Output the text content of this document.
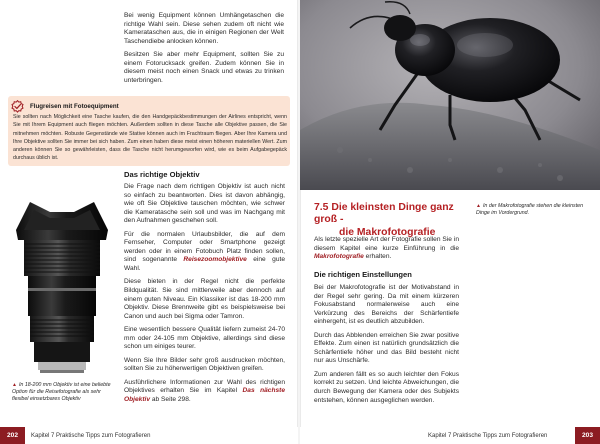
Bei wenig Equipment können Umhängetaschen die richtige Wahl sein. Diese sehen zudem oft nicht wie Kamerataschen aus, die in einigen Regionen der Welt Taschendiebe anlocken können.

Besitzen Sie aber mehr Equipment, sollten Sie zu einem Fotorucksack greifen. Zudem können Sie in diesem meist noch einen Snack und etwas zu trinken unterbringen.

Flugreisen mit Fotoequipment
Sie sollten nach Möglichkeit eine Tasche kaufen, die den Handgepäckbestimmungen der Airlines entspricht, wenn Sie mit Ihrem Equipment auch fliegen möchten. Außerdem sollten in diese Tasche alle Objektive passen, die Sie mitnehmen möchten. Robuste Gegenstände wie Stative können auch im Frachtraum fliegen. Aber Ihre Kamera und Ihre Objektive sollten Sie immer bei sich haben. Zum einen haben diese meist einen höheren materiellen Wert. Zum anderen können Sie so gewährleisten, dass die Tasche nicht herumgeworfen wird, wie es beim Aufgabegepäck durchaus üblich ist.
▲ In 18-200 mm Objektiv ist eine beliebte Option für die Reisefotografie als sehr flexibel einsetzbares Objektiv
Das richtige Objektiv

Die Frage nach dem richtigen Objektiv ist auch nicht so einfach zu beantworten. Dies ist davon abhängig, wie oft Sie Objektive tauschen möchten, wie schwer die Kameratasche sein soll und was im Nachgang mit den Aufnahmen geschehen soll.

Für die normalen Urlaubsbilder, die auf dem Fernseher, Computer oder Smartphone gezeigt werden oder in einem Fotobuch Platz finden sollen, sind sogenannte Reisezoomobjektive eine gute Wahl.

Diese bieten in der Regel nicht die perfekte Bildqualität. Sie sind mittlerweile aber dennoch auf einem guten Niveau. Ein Klassiker ist das 18-200 mm Objektiv. Diese Brennweite gibt es beispielsweise bei Canon und auch bei Sigma oder Tamron.

Eine wesentlich bessere Qualität liefern zumeist 24-70 mm oder 24-105 mm Objektive, allerdings sind diese schon um einiges teurer.

Wenn Sie Ihre Bilder sehr groß ausdrucken möchten, sollten Sie zu höherwertigen Objektiven greifen.

Ausführlichere Informationen zur Wahl des richtigen Objektives erhalten Sie im Kapitel Das nächste Objektiv ab Seite 298.

202	Kapitel 7 Praktische Tipps zum Fotografieren
▲ In der Makrofotografie stehen die kleinsten Dinge im Vordergrund.
7.5 Die kleinsten Dinge ganz groß -
die Makrofotografie

Als letzte spezielle Art der Fotografie sollen Sie in diesem Kapitel eine kurze Einführung in die Makrofotografie erhalten.

Die richtigen Einstellungen

Bei der Makrofotografie ist der Motivabstand in der Regel sehr gering. Da mit einem kürzeren Fokusabstand normalerweise auch eine Verkürzung des Bereichs der Schärfentiefe einhergeht, ist es deutlich abzubilden.

Durch das Abblenden erreichen Sie zwar positive Effekte. Zum einen ist natürlich grundsätzlich die Schärfentiefe höher und das Bild besteht nicht nur aus Unschärfe.

Zum anderen fällt es so auch leichter den Fokus korrekt zu setzen. Und leichte Abweichungen, die durch Bewegung der Kamera oder des Subjekts entstehen, können ausgeglichen werden.

Kapitel 7 Praktische Tipps zum Fotografieren	203
